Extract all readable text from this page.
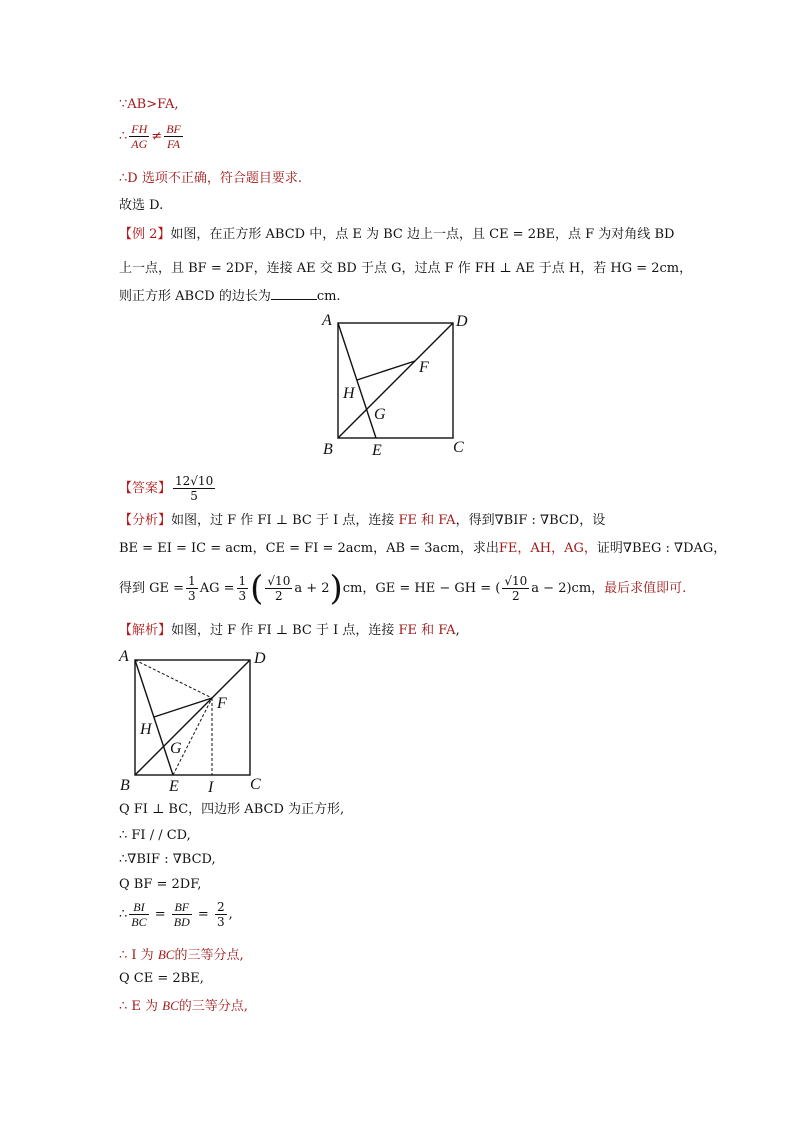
∵AB>FA,
∴ $\frac{FH}{AG} \ne \frac{BF}{FA}$
∴D 选项不正确，符合题目要求.
故选 D.
【例 2】如图，在正方形 ABCD 中，点 E 为 BC 边上一点，且 CE = 2BE，点 F 为对角线 BD
上一点，且 BF = 2DF，连接 AE 交 BD 于点 G，过点 F 作 FH ⊥ AE 于点 H，若 HG = 2cm，
则正方形 ABCD 的边长为	cm.
A	D
B	C
E
F
H
G
【答案】 $\frac{12√10}{5}$
【分析】如图，过 F 作 FI ⊥ BC 于 I 点，连接 FE 和 FA，得到∇BIF : ∇BCD，设
BE = EI = IC = acm，CE = FI = 2acm，AB = 3acm，求出FE，AH，AG，证明∇BEG : ∇DAG，
得到 GE = $\frac{1}{3}$ AG = $\frac{1}{3}$ ( $\frac{√10}{2}$ a + 2)cm，GE = HE − GH = ( $\frac{√10}{2}$ a − 2)cm，最后求值即可.
【解析】如图，过 F 作 FI ⊥ BC 于 I 点，连接 FE 和 FA,
A	D
B	C
E
F
H
G
I
Q FI ⊥ BC，四边形 ABCD 为正方形,
∴ FI / / CD,
∴∇BIF : ∇BCD,
Q BF = 2DF,
∴ $\frac{BI}{BC} = \frac{BF}{BD} = \frac{2}{3}$ ,
∴ I 为 BC的三等分点,
Q CE = 2BE,
∴ E 为 BC的三等分点,
